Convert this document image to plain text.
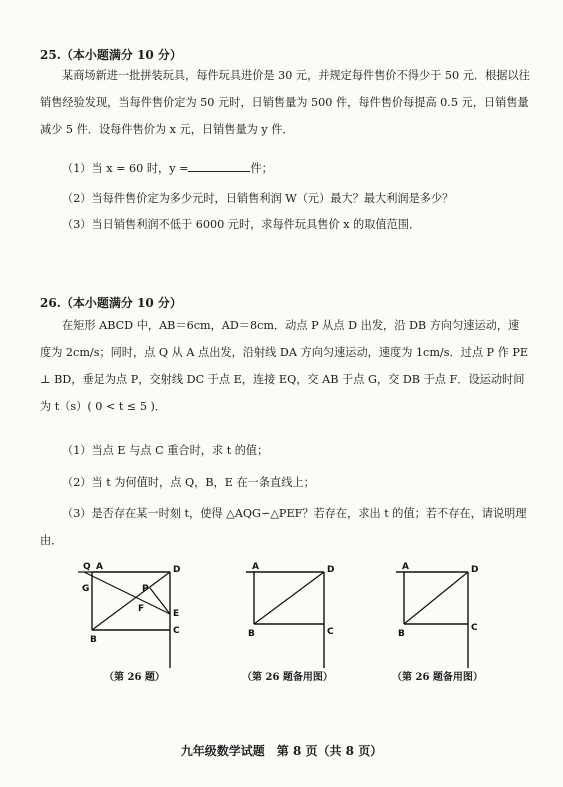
25.（本小题满分 10 分）
某商场新进一批拼装玩具，每件玩具进价是 30 元，并规定每件售价不得少于 50 元．根据以往销售经验发现，当每件售价定为 50 元时，日销售量为 500 件，每件售价每提高 0.5 元，日销售量减少 5 件．设每件售价为 x 元，日销售量为 y 件．
（1）当 x = 60 时，y =	件；
（2）当每件售价定为多少元时，日销售利润 W（元）最大？最大利润是多少？
（3）当日销售利润不低于 6000 元时，求每件玩具售价 x 的取值范围．
26.（本小题满分 10 分）
在矩形 ABCD 中，AB＝6cm，AD＝8cm．动点 P 从点 D 出发，沿 DB 方向匀速运动，速度为 2cm/s；同时，点 Q 从 A 点出发，沿射线 DA 方向匀速运动，速度为 1cm/s．过点 P 作 PE ⊥ BD，垂足为点 P，交射线 DC 于点 E，连接 EQ，交 AB 于点 G，交 DB 于点 F．设运动时间为 t（s）( 0 < t ≤ 5 )．
（1）当点 E 与点 C 重合时，求 t 的值；
（2）当 t 为何值时，点 Q，B，E 在一条直线上；
（3）是否存在某一时刻 t，使得 △AQG∽△PEF？若存在，求出 t 的值；若不存在，请说明理由．
Q A	D
G	P
F	E
B
C
（第 26 题）
A	D
B	C
（第 26 题备用图）
A	D
B
C
（第 26 题备用图）
九年级数学试题　第 8 页（共 8 页）
